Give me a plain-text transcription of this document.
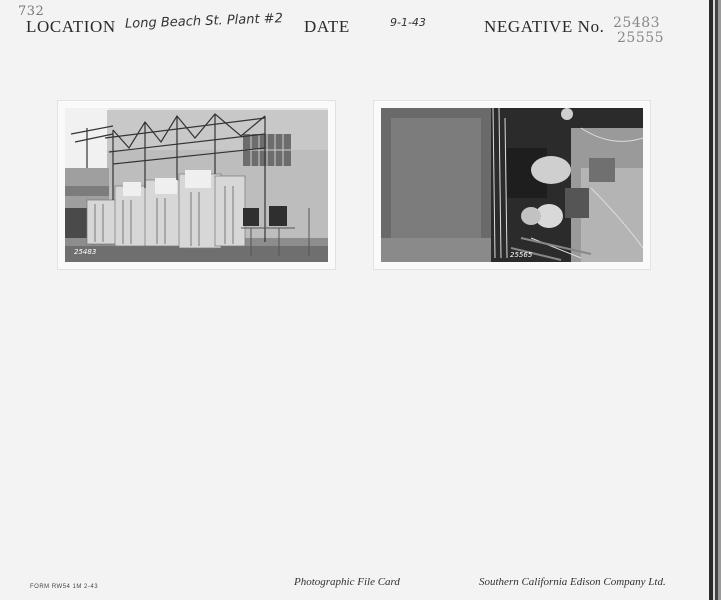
732
LOCATION Long Beach St. Plant #2 DATE	9-1-43	NEGATIVE No. 25483
25555
25483	25565
FORM RW54 1M 2-43	Photographic File Card	Southern California Edison Company Ltd.
